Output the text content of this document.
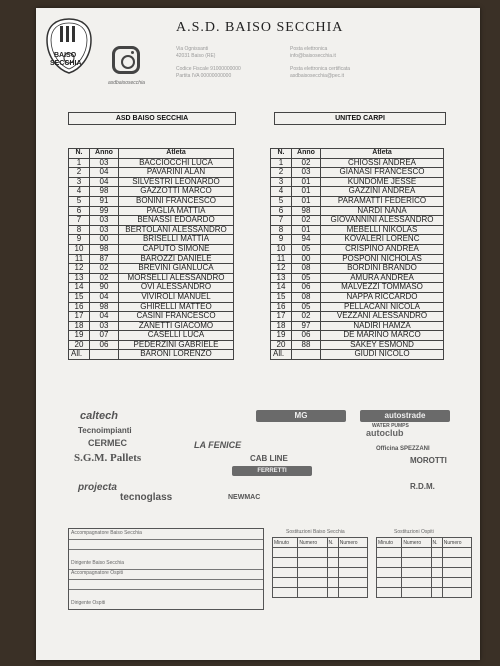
BAISO
SECCHIA
asdbaisosecchia
A.S.D. BAISO SECCHIA
Via Ognissanti
42031 Baiso (RE)
Codice Fiscale 91000000000
Partita IVA 00000000000
Posta elettronica
info@baisosecchia.it
Posta elettronica certificata
asdbaisosecchia@pec.it
ASD BAISO SECCHIA	UNITED CARPI
N.	Anno	Atleta
1	03	BACCIOCCHI LUCA
2	04	PAVARINI ALAN
3	04	SILVESTRI LEONARDO
4	98	GAZZOTTI MARCO
5	91	BONINI FRANCESCO
6	99	PAGLIA MATTIA
7	03	BENASSI EDOARDO
8	03	BERTOLANI ALESSANDRO
9	00	BRISELLI MATTIA
10	98	CAPUTO SIMONE
11	87	BAROZZI DANIELE
12	02	BREVINI GIANLUCA
13	02	MORSELLI ALESSANDRO
14	90	OVI ALESSANDRO
15	04	VIVIROLI MANUEL
16	98	GHIRELLI MATTEO
17	04	CASINI FRANCESCO
18	03	ZANETTI GIACOMO
19	07	CASELLI LUCA
20	06	PEDERZINI GABRIELE
All.		BARONI LORENZO
N.	Anno	Atleta
1	02	CHIOSSI ANDREA
2	03	GIANASI FRANCESCO
3	01	KUNDOME JESSE
4	01	GAZZINI ANDREA
5	01	PARAMATTI FEDERICO
6	98	NARDI NANA
7	02	GIOVANNINI ALESSANDRO
8	01	MEBELLI NIKOLAS
9	94	KOVALERI LORENC
10	05	CRISPINO ANDREA
11	00	POSPONI NICHOLAS
12	08	BORDINI BRANDO
13	05	AMURA ANDREA
14	06	MALVEZZI TOMMASO
15	08	NAPPA RICCARDO
16	05	PELLACANI NICOLA
17	02	VEZZANI ALESSANDRO
18	97	NADIRI HAMZA
19	06	DE MARINO MARCO
20	88	SAKEY ESMOND
All.		GIUDI NICOLO
caltech	MG	autostrade
WATER PUMPS
Tecnoimpianti	autoclub
CERMEC	LA FENICE	Officina SPEZZANI
S.G.M. Pallets	CAB LINE	MOROTTI
FERRETTI
projecta
tecnoglass
R.D.M.
NEWMAC
Accompagnatore Baiso Secchia
Dirigente Baiso Secchia
Accompagnatore Ospiti
Dirigente Ospiti
Sostituzioni Baiso Secchia
Minuto	Numero	N.	Numero

Sostituzioni Ospiti
Minuto	Numero	N.	Numero
